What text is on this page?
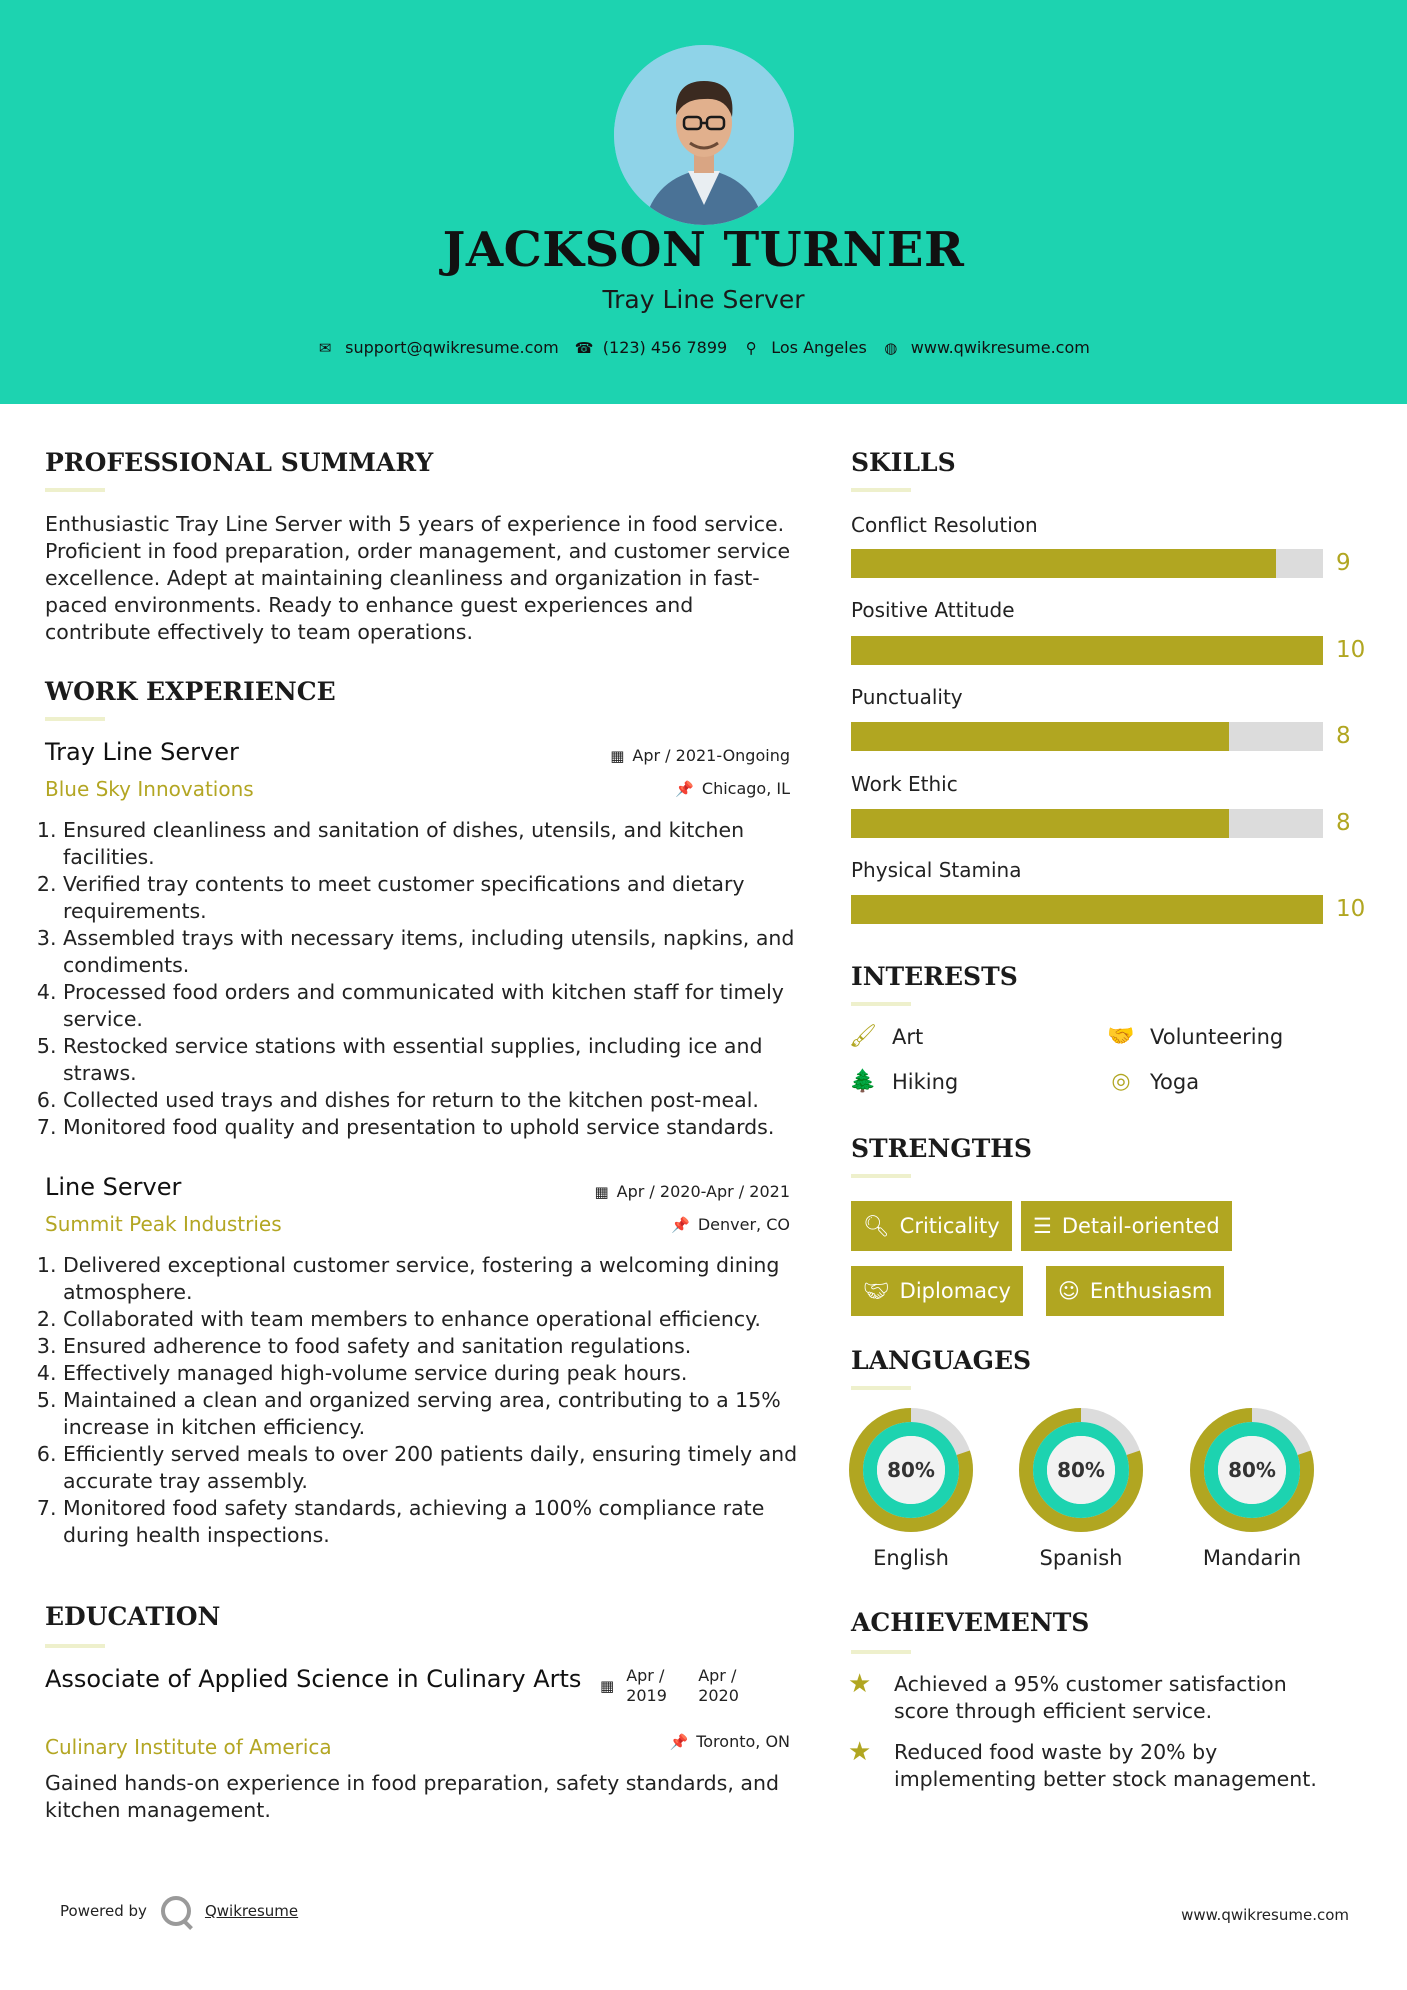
JACKSON TURNER
Tray Line Server
✉ support@qwikresume.com ☎ (123) 456 7899 ⚲ Los Angeles ◍ www.qwikresume.com
PROFESSIONAL SUMMARY
Enthusiastic Tray Line Server with 5 years of experience in food service. Proficient in food preparation, order management, and customer service excellence. Adept at maintaining cleanliness and organization in fast-paced environments. Ready to enhance guest experiences and contribute effectively to team operations.
WORK EXPERIENCE
Tray Line Server	▦ Apr / 2021-Ongoing
Blue Sky Innovations	📌 Chicago, IL
1. Ensured cleanliness and sanitation of dishes, utensils, and kitchen facilities.
2. Verified tray contents to meet customer specifications and dietary requirements.
3. Assembled trays with necessary items, including utensils, napkins, and condiments.
4. Processed food orders and communicated with kitchen staff for timely service.
5. Restocked service stations with essential supplies, including ice and straws.
6. Collected used trays and dishes for return to the kitchen post-meal.
7. Monitored food quality and presentation to uphold service standards.
Line Server	▦ Apr / 2020-Apr / 2021
Summit Peak Industries	📌 Denver, CO
1. Delivered exceptional customer service, fostering a welcoming dining atmosphere.
2. Collaborated with team members to enhance operational efficiency.
3. Ensured adherence to food safety and sanitation regulations.
4. Effectively managed high-volume service during peak hours.
5. Maintained a clean and organized serving area, contributing to a 15% increase in kitchen efficiency.
6. Efficiently served meals to over 200 patients daily, ensuring timely and accurate tray assembly.
7. Monitored food safety standards, achieving a 100% compliance rate during health inspections.
EDUCATION
Associate of Applied Science in Culinary Arts ▦
Apr / 2019
Apr / 2020
Culinary Institute of America	📌 Toronto, ON
Gained hands-on experience in food preparation, safety standards, and kitchen management.
SKILLS
Conflict Resolution
9
Positive Attitude
10
Punctuality
8
Work Ethic
8
Physical Stamina
10
INTERESTS
🖌 Art	🤝 Volunteering
🌲 Hiking	◎ Yoga
STRENGTHS
🔍︎ Criticality ☰ Detail-oriented
🤝︎ Diplomacy ☺ Enthusiasm
LANGUAGES
80%
English
80%
Spanish
80%
Mandarin
ACHIEVEMENTS
★	Achieved a 95% customer satisfaction score through efficient service.
★	Reduced food waste by 20% by implementing better stock management.
Powered by	Qwikresume	www.qwikresume.com
